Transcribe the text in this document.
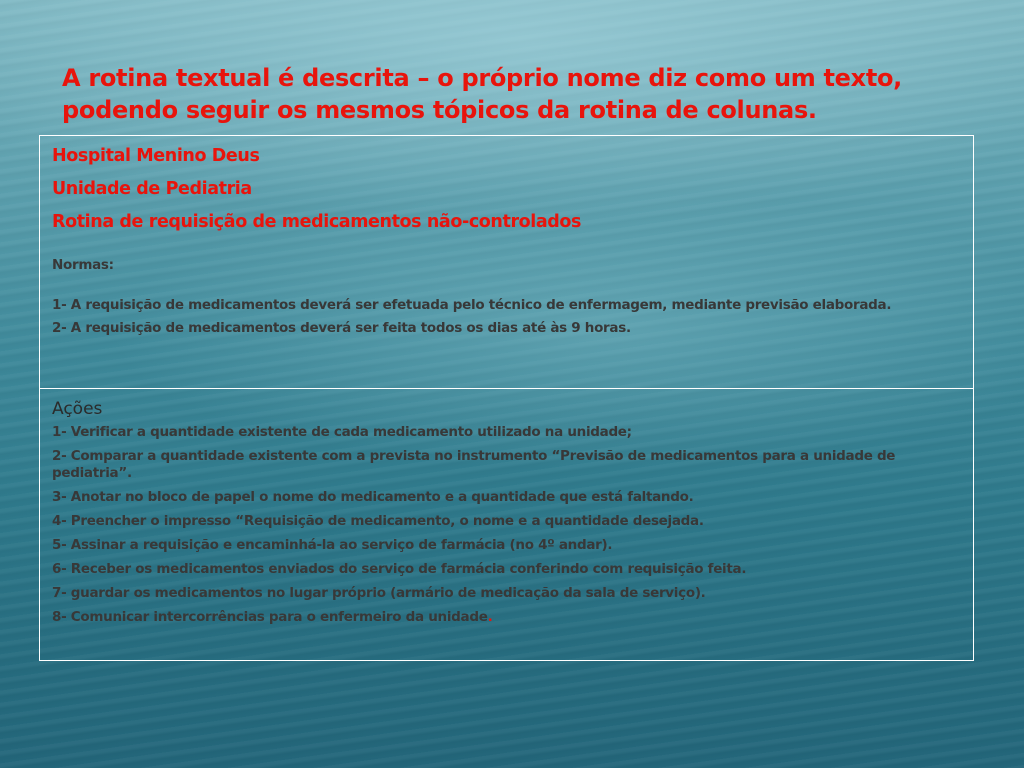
A rotina textual é descrita – o próprio nome diz como um texto, podendo seguir os mesmos tópicos da rotina de colunas.

Hospital Menino Deus

Unidade de Pediatria

Rotina de requisição de medicamentos não-controlados

Normas:

1- A requisição de medicamentos deverá ser efetuada pelo técnico de enfermagem, mediante previsão elaborada.

2- A requisição de medicamentos deverá ser feita todos os dias até às 9 horas.

Ações

1- Verificar a quantidade existente de cada medicamento utilizado na unidade;

2- Comparar a quantidade existente com a prevista no instrumento “Previsão de medicamentos para a unidade de pediatria”.

3- Anotar no bloco de papel o nome do medicamento e a quantidade que está faltando.

4- Preencher o impresso “Requisição de medicamento, o nome e a quantidade desejada.

5- Assinar a requisição e encaminhá-la ao serviço de farmácia (no 4º andar).

6- Receber os medicamentos enviados do serviço de farmácia conferindo com requisição feita.

7- guardar os medicamentos no lugar próprio (armário de medicação da sala de serviço).

8- Comunicar intercorrências para o enfermeiro da unidade.
